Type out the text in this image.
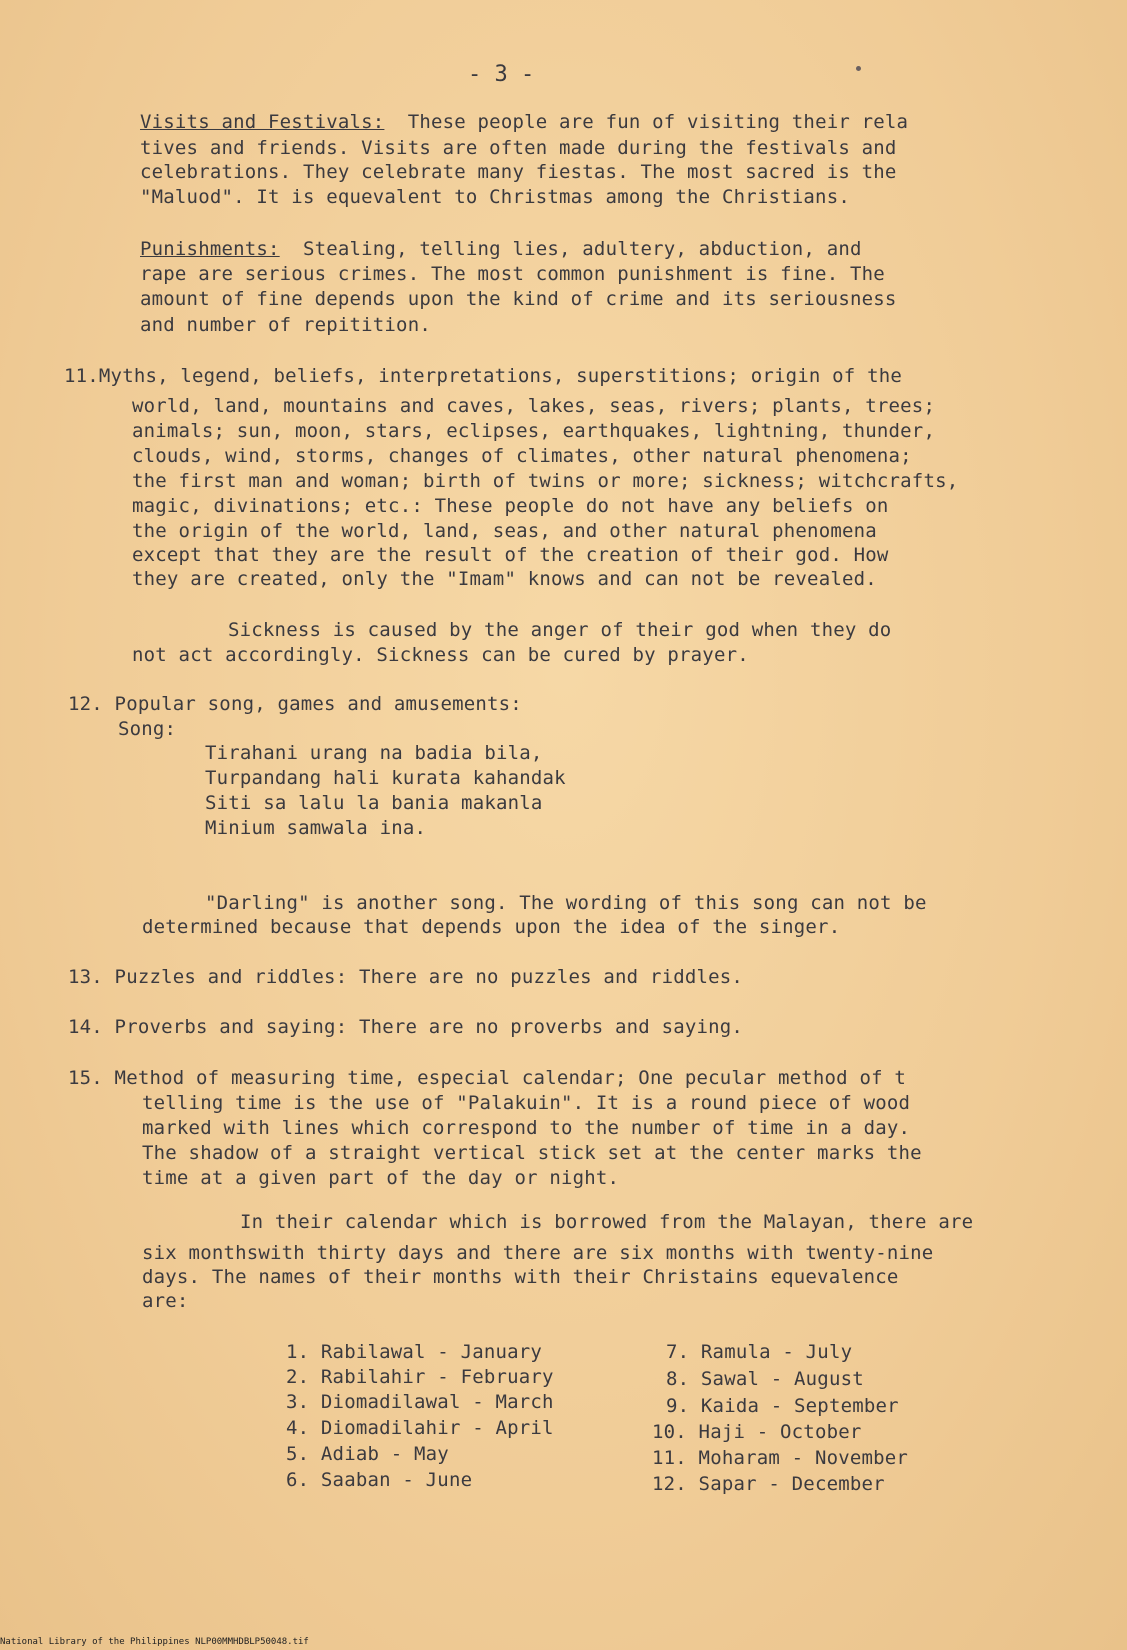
- 3 -
Visits and Festivals: These people are fun of visiting their rela
tives and friends. Visits are often made during the festivals and
celebrations. They celebrate many fiestas. The most sacred is the
"Maluod". It is equevalent to Christmas among the Christians.
Punishments: Stealing, telling lies, adultery, abduction, and
rape are serious crimes. The most common punishment is fine. The
amount of fine depends upon the kind of crime and its seriousness
and number of repitition.
11.Myths, legend, beliefs, interpretations, superstitions; origin of the
world, land, mountains and caves, lakes, seas, rivers; plants, trees;
animals; sun, moon, stars, eclipses, earthquakes, lightning, thunder,
clouds, wind, storms, changes of climates, other natural phenomena;
the first man and woman; birth of twins or more; sickness; witchcrafts,
magic, divinations; etc.: These people do not have any beliefs on
the origin of the world, land, seas, and other natural phenomena
except that they are the result of the creation of their god. How
they are created, only the "Imam" knows and can not be revealed.
Sickness is caused by the anger of their god when they do
not act accordingly. Sickness can be cured by prayer.
12. Popular song, games and amusements:
Song:
Tirahani urang na badia bila,
Turpandang hali kurata kahandak
Siti sa lalu la bania makanla
Minium samwala ina.
"Darling" is another song. The wording of this song can not be
determined because that depends upon the idea of the singer.
13. Puzzles and riddles: There are no puzzles and riddles.
14. Proverbs and saying: There are no proverbs and saying.
15. Method of measuring time, especial calendar; One pecular method of t
telling time is the use of "Palakuin". It is a round piece of wood
marked with lines which correspond to the number of time in a day.
The shadow of a straight vertical stick set at the center marks the
time at a given part of the day or night.
In their calendar which is borrowed from the Malayan, there are
six monthswith thirty days and there are six months with twenty-nine
days. The names of their months with their Christains equevalence
are:
1. Rabilawal - January
2. Rabilahir - February
3. Diomadilawal - March
4. Diomadilahir - April
5. Adiab - May
6. Saaban - June
7. Ramula - July
8. Sawal - August
9. Kaida - September
10. Haji - October
11. Moharam - November
12. Sapar - December
National Library of the Philippines NLP00MMHDBLP50048.tif
